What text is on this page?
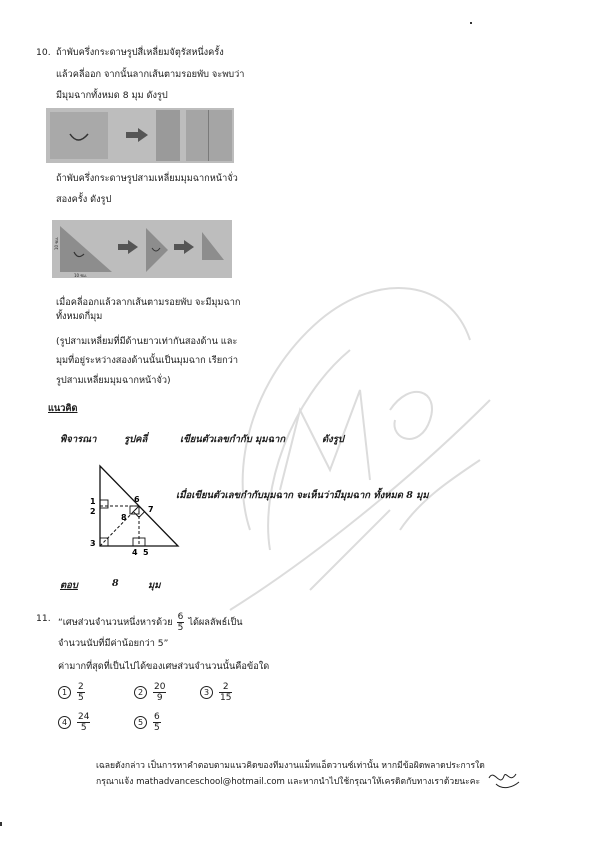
10. ถ้าพับครึ่งกระดาษรูปสี่เหลี่ยมจัตุรัสหนึ่งครั้ง
แล้วคลี่ออก จากนั้นลากเส้นตามรอยพับ จะพบว่า
มีมุมฉากทั้งหมด 8 มุม ดังรูป
ถ้าพับครึ่งกระดาษรูปสามเหลี่ยมมุมฉากหน้าจั่ว
สองครั้ง ดังรูป
10 ซม.
10 ซม.
เมื่อคลี่ออกแล้วลากเส้นตามรอยพับ จะมีมุมฉาก
ทั้งหมดกี่มุม
(รูปสามเหลี่ยมที่มีด้านยาวเท่ากันสองด้าน และ
มุมที่อยู่ระหว่างสองด้านนั้นเป็นมุมฉาก เรียกว่า
รูปสามเหลี่ยมมุมฉากหน้าจั่ว)
แนวคิด
พิจารณา	รูปคลี่	เขียนตัวเลขกำกับ มุมฉาก	ดังรูป
1
2
3
4 5
6
7
8
เมื่อเขียนตัวเลขกำกับมุมฉาก จะเห็นว่ามีมุมฉาก ทั้งหมด 8 มุม
ตอบ	8	มุม
11. “เศษส่วนจำนวนหนึ่งหารด้วย $\frac{6}{5}$ ได้ผลลัพธ์เป็น
จำนวนนับที่มีค่าน้อยกว่า 5”
ค่ามากที่สุดที่เป็นไปได้ของเศษส่วนจำนวนนั้นคือข้อใด
1	$\frac{2}{5}$	2	$\frac{20}{9}$	3	$\frac{2}{15}$
4	$\frac{24}{5}$	5	$\frac{6}{5}$
เฉลยดังกล่าว เป็นการหาคำตอบตามแนวคิดของทีมงานแม็ทแอ็ดวานซ์เท่านั้น หากมีข้อผิดพลาดประการใด
กรุณาแจ้ง mathadvanceschool@hotmail.com และหากนำไปใช้กรุณาให้เครดิตกับทางเราด้วยนะคะ
